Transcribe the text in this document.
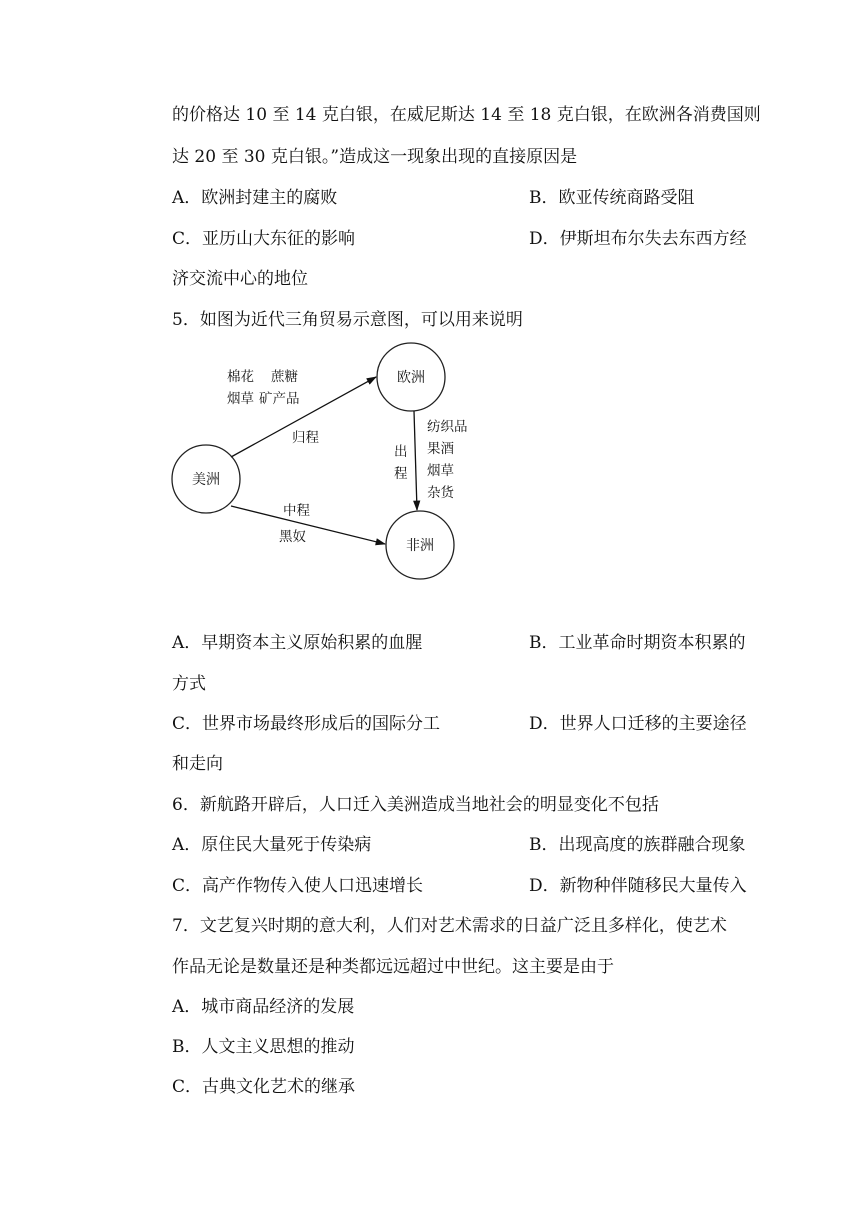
的价格达 10 至 14 克白银，在威尼斯达 14 至 18 克白银，在欧洲各消费国则
达 20 至 30 克白银。”造成这一现象出现的直接原因是
A．欧洲封建主的腐败	B．欧亚传统商路受阻
C．亚历山大东征的影响	D．伊斯坦布尔失去东西方经
济交流中心的地位
5．如图为近代三角贸易示意图，可以用来说明
欧洲
美洲
非洲
棉花 蔗糖
烟草 矿产品
归程
出
程
纺织品
果酒
烟草
杂货
中程
黑奴
A．早期资本主义原始积累的血腥	B．工业革命时期资本积累的
方式
C．世界市场最终形成后的国际分工	D．世界人口迁移的主要途径
和走向
6．新航路开辟后，人口迁入美洲造成当地社会的明显变化不包括
A．原住民大量死于传染病	B．出现高度的族群融合现象
C．高产作物传入使人口迅速增长	D．新物种伴随移民大量传入
7．文艺复兴时期的意大利，人们对艺术需求的日益广泛且多样化，使艺术
作品无论是数量还是种类都远远超过中世纪。这主要是由于
A．城市商品经济的发展
B．人文主义思想的推动
C．古典文化艺术的继承
